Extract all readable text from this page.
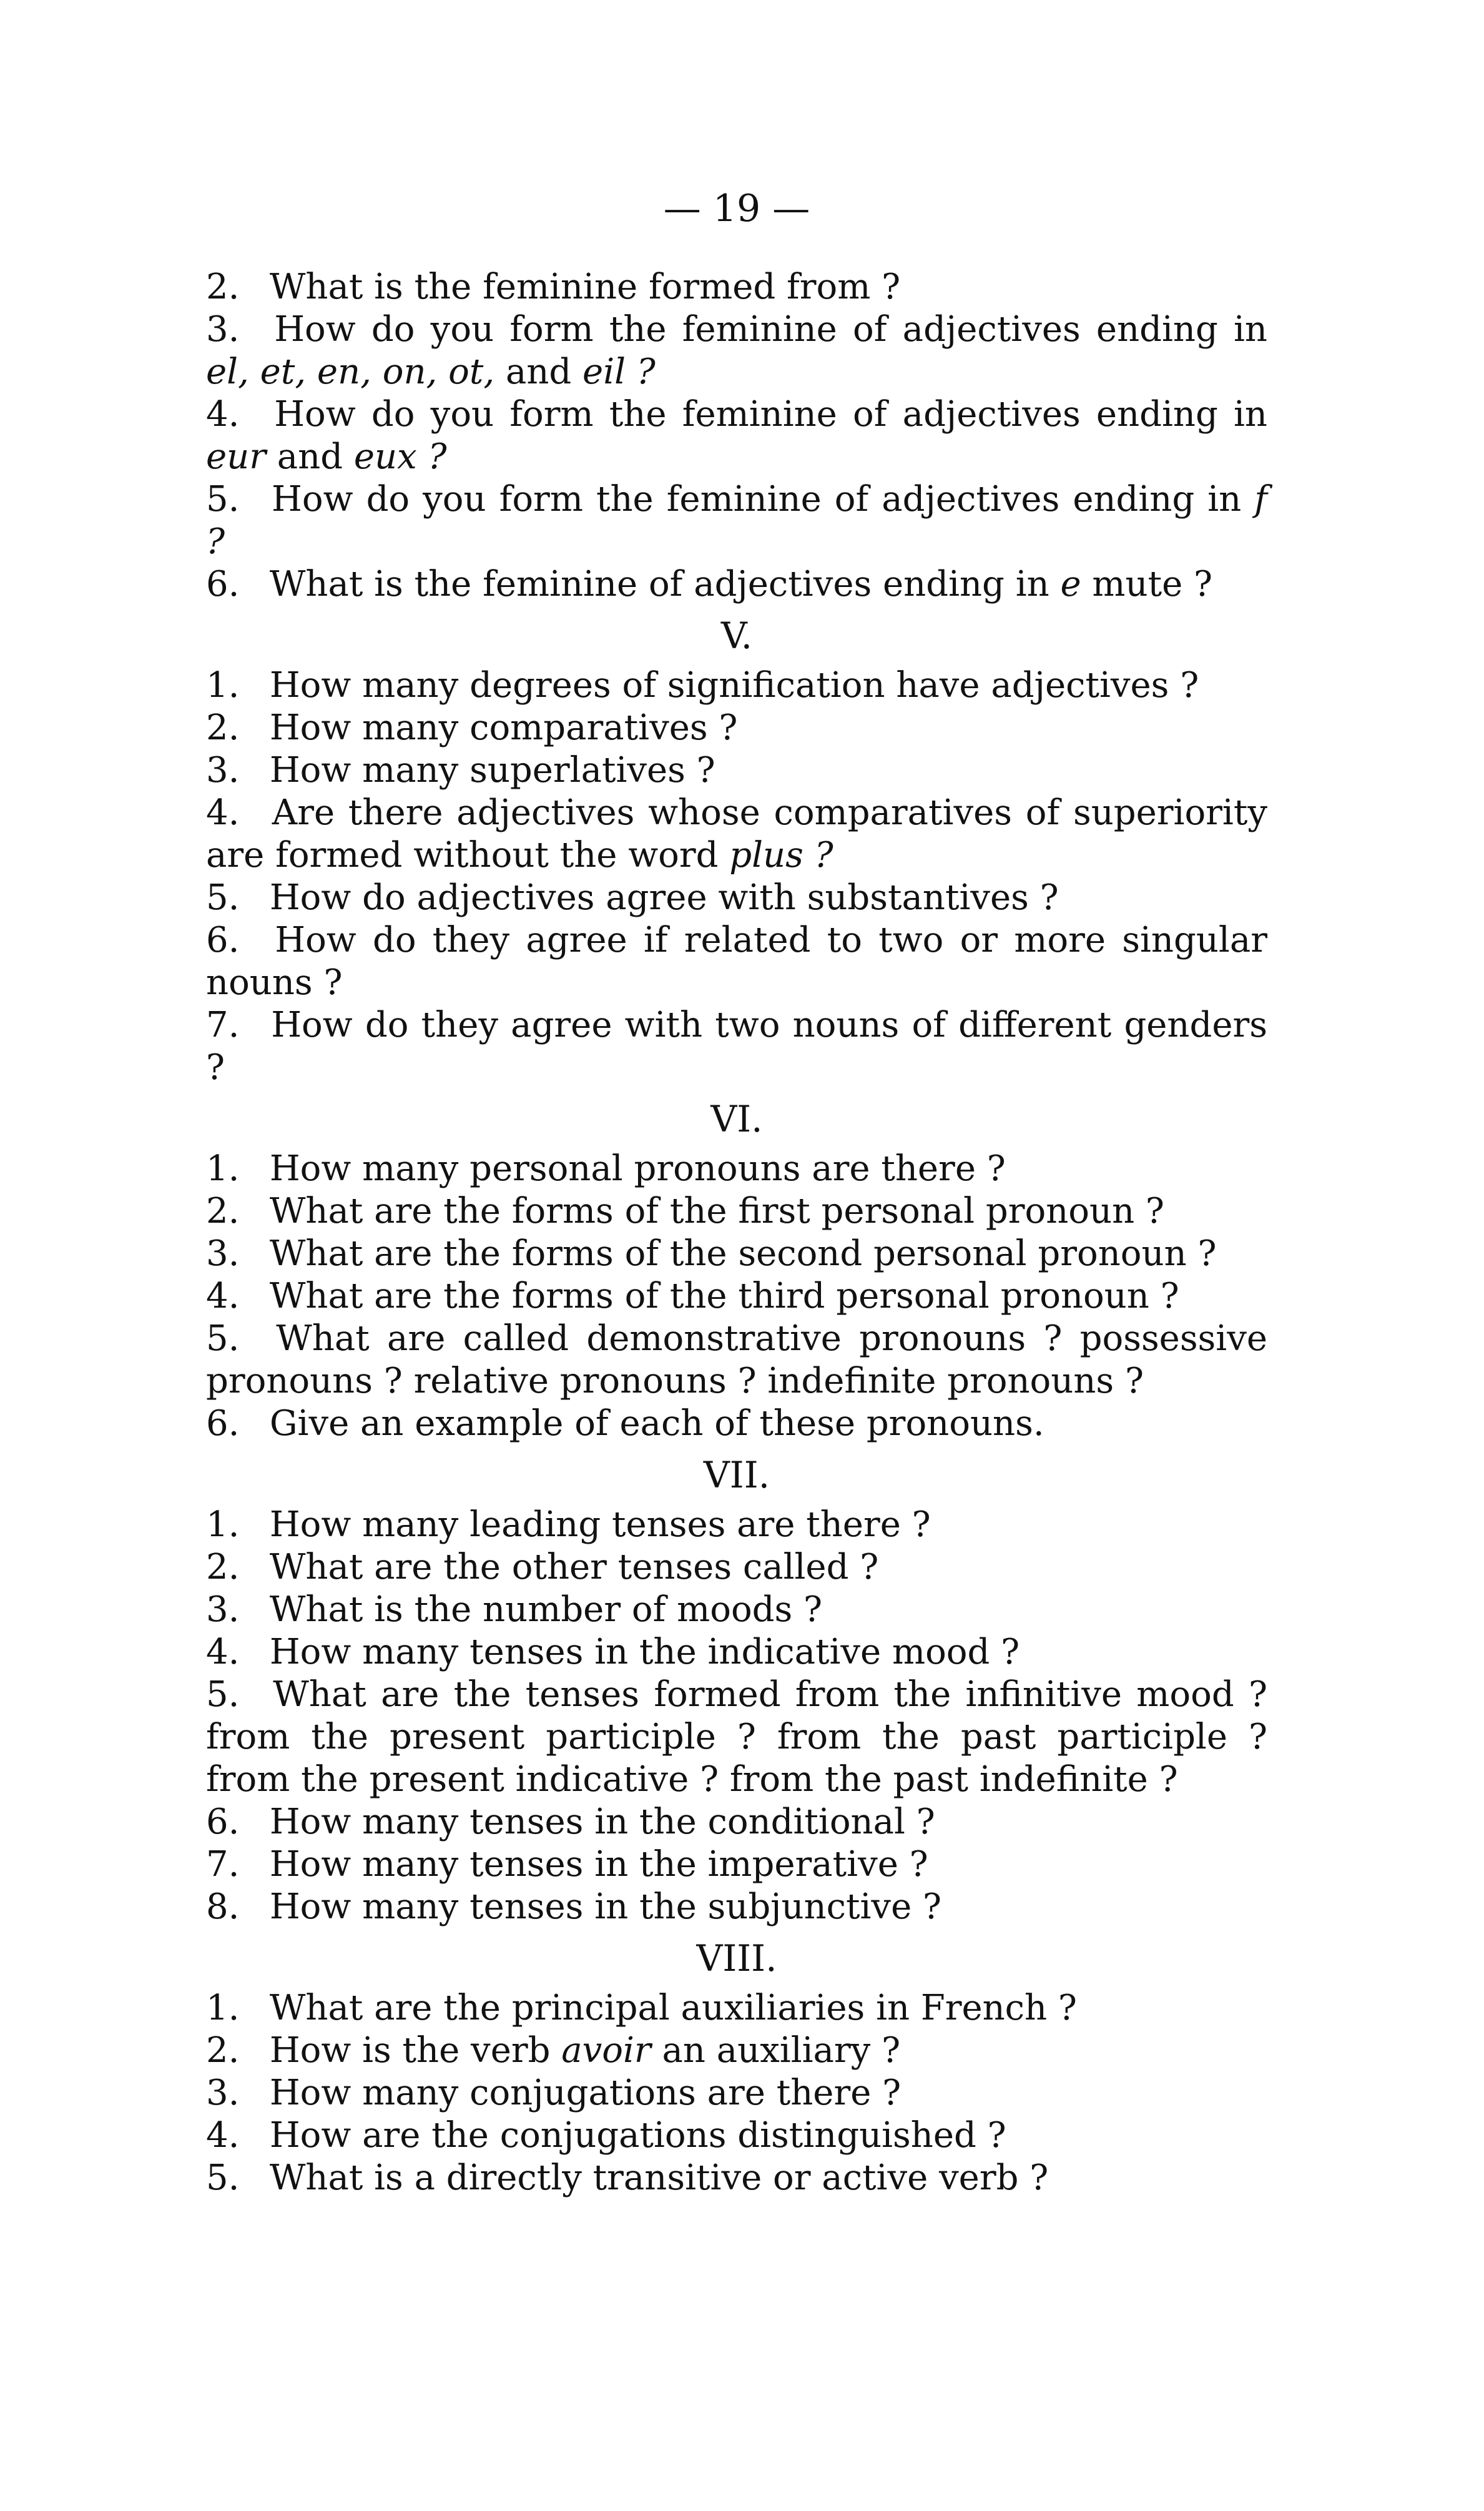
— 19 —
2. What is the feminine formed from ?
3. How do you form the feminine of adjectives ending in el, et, en, on, ot, and eil ?
4. How do you form the feminine of adjectives ending in eur and eux ?
5. How do you form the feminine of adjectives ending in f ?
6. What is the feminine of adjectives ending in e mute ?
V.
1. How many degrees of signification have adjectives ?
2. How many comparatives ?
3. How many superlatives ?
4. Are there adjectives whose comparatives of superiority are formed without the word plus ?
5. How do adjectives agree with substantives ?
6. How do they agree if related to two or more singular nouns ?
7. How do they agree with two nouns of different genders ?
VI.
1. How many personal pronouns are there ?
2. What are the forms of the first personal pronoun ?
3. What are the forms of the second personal pronoun ?
4. What are the forms of the third personal pronoun ?
5. What are called demonstrative pronouns ? possessive pronouns ? relative pronouns ? indefinite pronouns ?
6. Give an example of each of these pronouns.
VII.
1. How many leading tenses are there ?
2. What are the other tenses called ?
3. What is the number of moods ?
4. How many tenses in the indicative mood ?
5. What are the tenses formed from the infinitive mood ? from the present participle ? from the past participle ? from the present indicative ? from the past indefinite ?
6. How many tenses in the conditional ?
7. How many tenses in the imperative ?
8. How many tenses in the subjunctive ?
VIII.
1. What are the principal auxiliaries in French ?
2. How is the verb avoir an auxiliary ?
3. How many conjugations are there ?
4. How are the conjugations distinguished ?
5. What is a directly transitive or active verb ?
